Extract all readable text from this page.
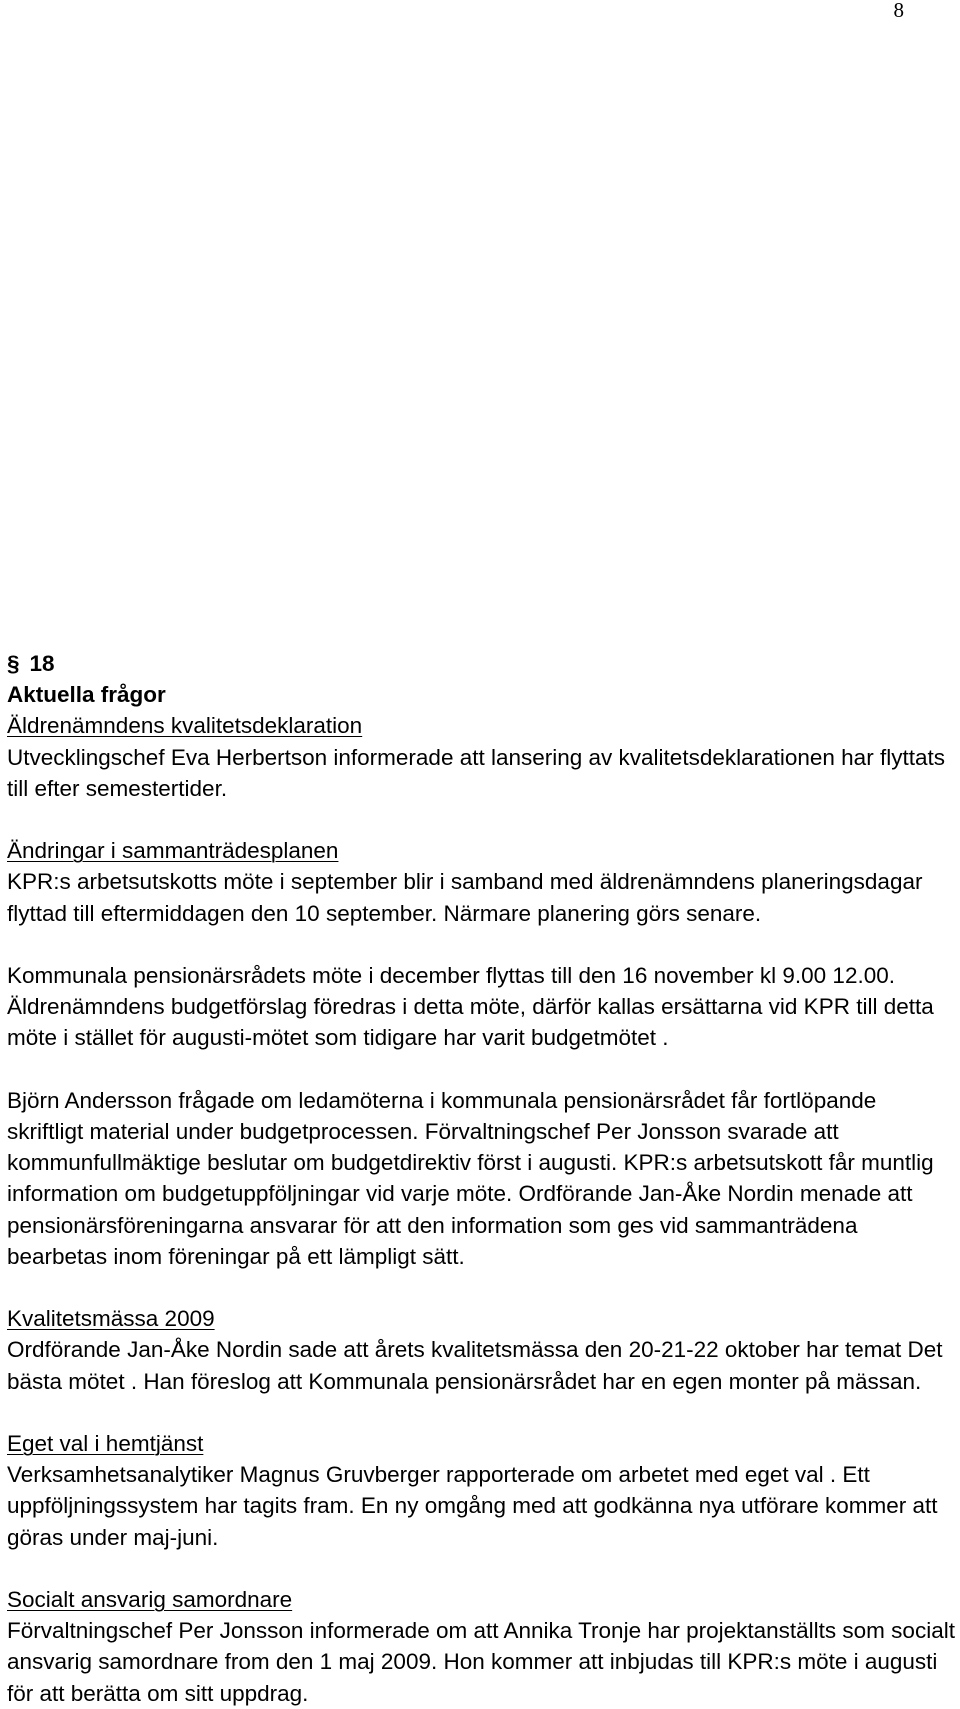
8
§ 18
Aktuella frågor
Äldrenämndens kvalitetsdeklaration
Utvecklingschef Eva Herbertson informerade att lansering av kvalitetsdeklarationen har flyttats till efter semestertider.
Ändringar i sammanträdesplanen
KPR:s arbetsutskotts möte i september blir i samband med äldrenämndens planeringsdagar flyttad till eftermiddagen den 10 september. Närmare planering görs senare.
Kommunala pensionärsrådets möte i december flyttas till den 16 november kl 9.00 12.00. Äldrenämndens budgetförslag föredras i detta möte, därför kallas ersättarna vid KPR till detta möte i stället för augusti-mötet som tidigare har varit budgetmötet .
Björn Andersson frågade om ledamöterna i kommunala pensionärsrådet får fortlöpande skriftligt material under budgetprocessen. Förvaltningschef Per Jonsson svarade att kommunfullmäktige beslutar om budgetdirektiv först i augusti. KPR:s arbetsutskott får muntlig information om budgetuppföljningar vid varje möte. Ordförande Jan-Åke Nordin menade att pensionärsföreningarna ansvarar för att den information som ges vid sammanträdena bearbetas inom föreningar på ett lämpligt sätt.
Kvalitetsmässa 2009
Ordförande Jan-Åke Nordin sade att årets kvalitetsmässa den 20-21-22 oktober har temat Det bästa mötet . Han föreslog att Kommunala pensionärsrådet har en egen monter på mässan.
Eget val i hemtjänst
Verksamhetsanalytiker Magnus Gruvberger rapporterade om arbetet med eget val . Ett uppföljningssystem har tagits fram. En ny omgång med att godkänna nya utförare kommer att göras under maj-juni.
Socialt ansvarig samordnare
Förvaltningschef Per Jonsson informerade om att Annika Tronje har projektanställts som socialt ansvarig samordnare from den 1 maj 2009. Hon kommer att inbjudas till KPR:s möte i augusti för att berätta om sitt uppdrag.
